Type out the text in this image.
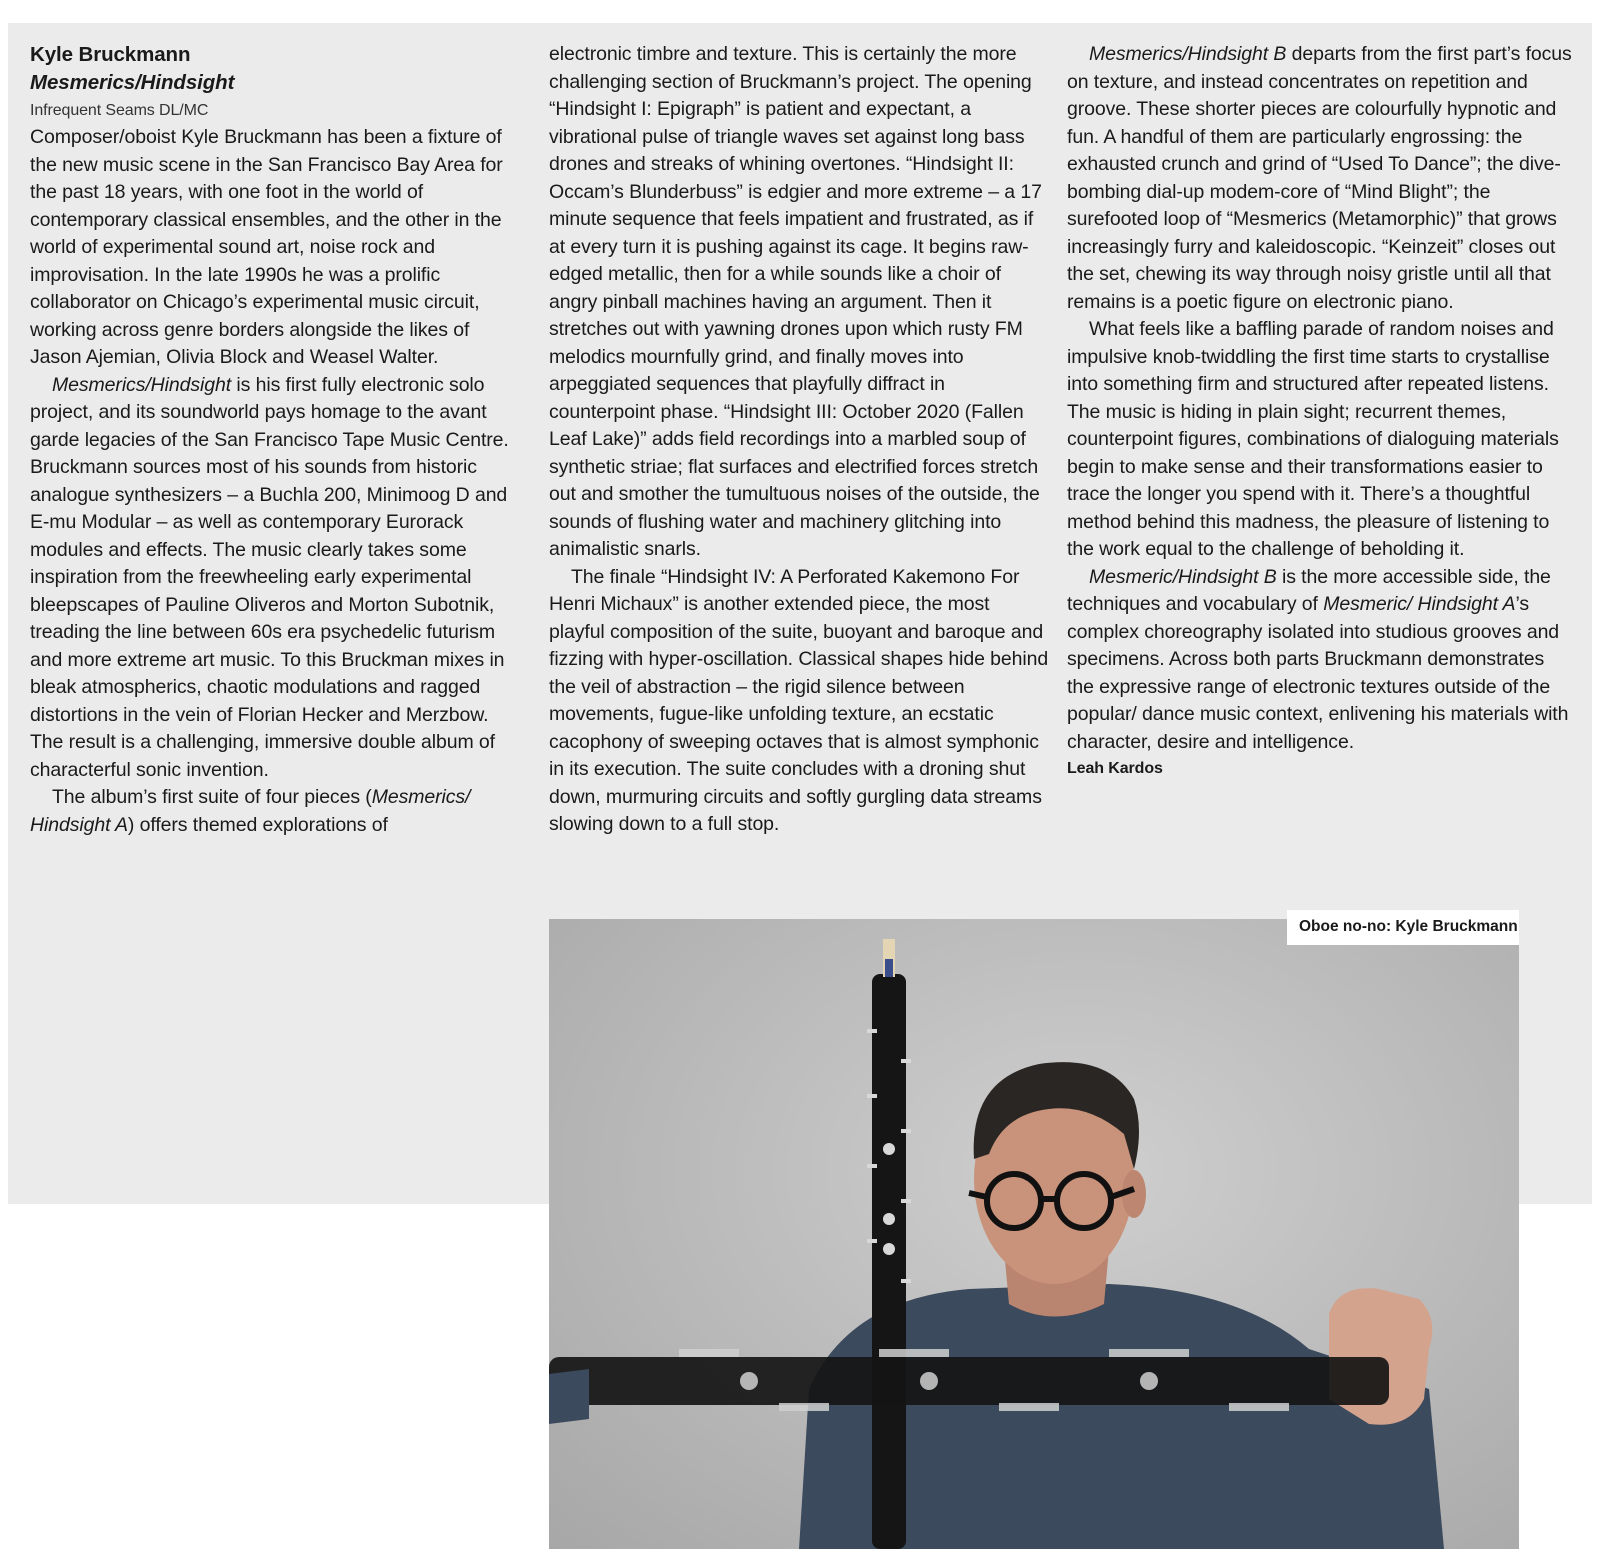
Kyle Bruckmann
Mesmerics/Hindsight
Infrequent Seams DL/MC

Composer/oboist Kyle Bruckmann has been a fixture of the new music scene in the San Francisco Bay Area for the past 18 years, with one foot in the world of contemporary classical ensembles, and the other in the world of experimental sound art, noise rock and improvisation. In the late 1990s he was a prolific collaborator on Chicago’s experimental music circuit, working across genre borders alongside the likes of Jason Ajemian, Olivia Block and Weasel Walter.

Mesmerics/Hindsight is his first fully electronic solo project, and its soundworld pays homage to the avant garde legacies of the San Francisco Tape Music Centre. Bruckmann sources most of his sounds from historic analogue synthesizers – a Buchla 200, Minimoog D and E-mu Modular – as well as contemporary Eurorack modules and effects. The music clearly takes some inspiration from the freewheeling early experimental bleepscapes of Pauline Oliveros and Morton Subotnik, treading the line between 60s era psychedelic futurism and more extreme art music. To this Bruckman mixes in bleak atmospherics, chaotic modulations and ragged distortions in the vein of Florian Hecker and Merzbow. The result is a challenging, immersive double album of characterful sonic invention.

The album’s first suite of four pieces (Mesmerics/ Hindsight A) offers themed explorations of

electronic timbre and texture. This is certainly the more challenging section of Bruckmann’s project. The opening “Hindsight I: Epigraph” is patient and expectant, a vibrational pulse of triangle waves set against long bass drones and streaks of whining overtones. “Hindsight II: Occam’s Blunderbuss” is edgier and more extreme – a 17 minute sequence that feels impatient and frustrated, as if at every turn it is pushing against its cage. It begins raw-edged metallic, then for a while sounds like a choir of angry pinball machines having an argument. Then it stretches out with yawning drones upon which rusty FM melodics mournfully grind, and finally moves into arpeggiated sequences that playfully diffract in counterpoint phase. “Hindsight III: October 2020 (Fallen Leaf Lake)” adds field recordings into a marbled soup of synthetic striae; flat surfaces and electrified forces stretch out and smother the tumultuous noises of the outside, the sounds of flushing water and machinery glitching into animalistic snarls.

The finale “Hindsight IV: A Perforated Kakemono For Henri Michaux” is another extended piece, the most playful composition of the suite, buoyant and baroque and fizzing with hyper-oscillation. Classical shapes hide behind the veil of abstraction – the rigid silence between movements, fugue-like unfolding texture, an ecstatic cacophony of sweeping octaves that is almost symphonic in its execution. The suite concludes with a droning shut down, murmuring circuits and softly gurgling data streams slowing down to a full stop.

Mesmerics/Hindsight B departs from the first part’s focus on texture, and instead concentrates on repetition and groove. These shorter pieces are colourfully hypnotic and fun. A handful of them are particularly engrossing: the exhausted crunch and grind of “Used To Dance”; the dive-bombing dial-up modem-core of “Mind Blight”; the surefooted loop of “Mesmerics (Metamorphic)” that grows increasingly furry and kaleidoscopic. “Keinzeit” closes out the set, chewing its way through noisy gristle until all that remains is a poetic figure on electronic piano.

What feels like a baffling parade of random noises and impulsive knob-twiddling the first time starts to crystallise into something firm and structured after repeated listens. The music is hiding in plain sight; recurrent themes, counterpoint figures, combinations of dialoguing materials begin to make sense and their transformations easier to trace the longer you spend with it. There’s a thoughtful method behind this madness, the pleasure of listening to the work equal to the challenge of beholding it.

Mesmeric/Hindsight B is the more accessible side, the techniques and vocabulary of Mesmeric/ Hindsight A’s complex choreography isolated into studious grooves and specimens. Across both parts Bruckmann demonstrates the expressive range of electronic textures outside of the popular/ dance music context, enlivening his materials with character, desire and intelligence.

Leah Kardos
Oboe no-no: Kyle Bruckmann
